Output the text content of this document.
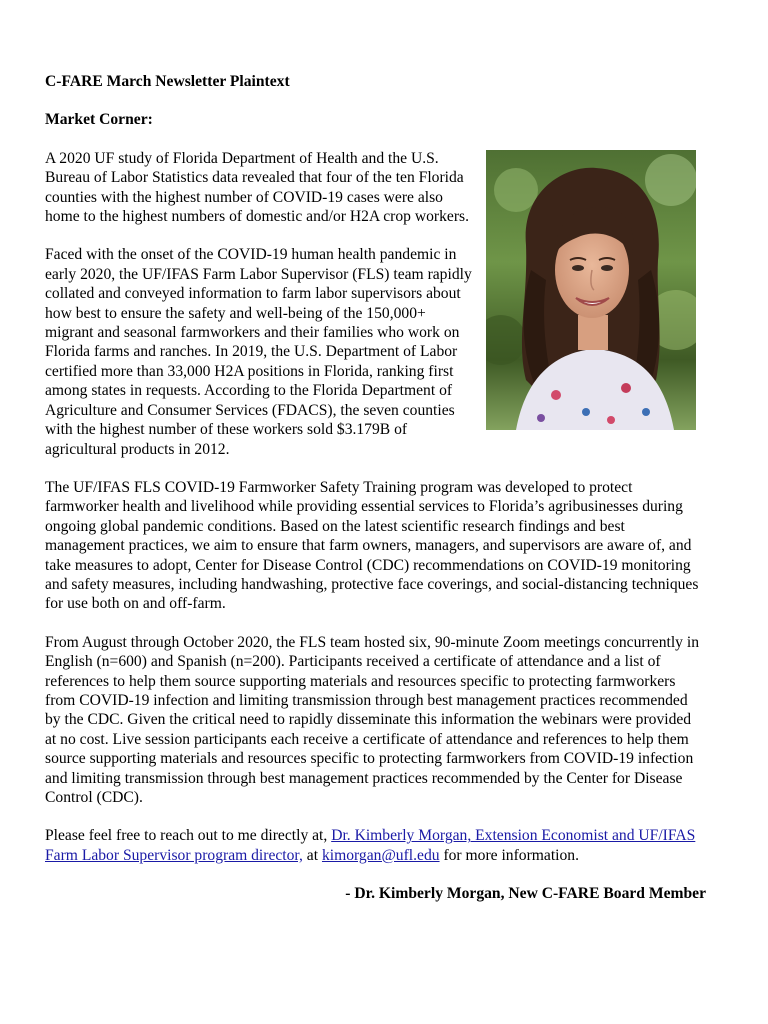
C-FARE March Newsletter Plaintext

Market Corner:

A 2020 UF study of Florida Department of Health and the U.S. Bureau of Labor Statistics data revealed that four of the ten Florida counties with the highest number of COVID-19 cases were also home to the highest numbers of domestic and/or H2A crop workers.

Faced with the onset of the COVID-19 human health pandemic in early 2020, the UF/IFAS Farm Labor Supervisor (FLS) team rapidly collated and conveyed information to farm labor supervisors about how best to ensure the safety and well-being of the 150,000+ migrant and seasonal farmworkers and their families who work on Florida farms and ranches. In 2019, the U.S. Department of Labor certified more than 33,000 H2A positions in Florida, ranking first among states in requests. According to the Florida Department of Agriculture and Consumer Services (FDACS), the seven counties with the highest number of these workers sold $3.179B of agricultural products in 2012.

The UF/IFAS FLS COVID-19 Farmworker Safety Training program was developed to protect farmworker health and livelihood while providing essential services to Florida’s agribusinesses during ongoing global pandemic conditions. Based on the latest scientific research findings and best management practices, we aim to ensure that farm owners, managers, and supervisors are aware of, and take measures to adopt, Center for Disease Control (CDC) recommendations on COVID-19 monitoring and safety measures, including handwashing, protective face coverings, and social-distancing techniques for use both on and off-farm.

From August through October 2020, the FLS team hosted six, 90-minute Zoom meetings concurrently in English (n=600) and Spanish (n=200). Participants received a certificate of attendance and a list of references to help them source supporting materials and resources specific to protecting farmworkers from COVID-19 infection and limiting transmission through best management practices recommended by the CDC. Given the critical need to rapidly disseminate this information the webinars were provided at no cost. Live session participants each receive a certificate of attendance and references to help them source supporting materials and resources specific to protecting farmworkers from COVID-19 infection and limiting transmission through best management practices recommended by the Center for Disease Control (CDC).

Please feel free to reach out to me directly at, Dr. Kimberly Morgan, Extension Economist and UF/IFAS Farm Labor Supervisor program director, at kimorgan@ufl.edu for more information.

- Dr. Kimberly Morgan, New C-FARE Board Member
